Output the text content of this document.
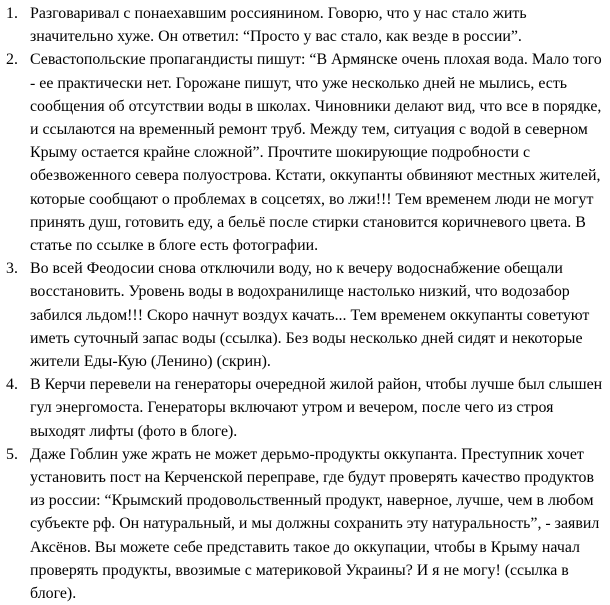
1. Разговаривал с понаехавшим россиянином. Говорю, что у нас стало жить значительно хуже. Он ответил: “Просто у вас стало, как везде в россии”.
2. Севастопольские пропагандисты пишут: “В Армянске очень плохая вода. Мало того - ее практически нет. Горожане пишут, что уже несколько дней не мылись, есть сообщения об отсутствии воды в школах. Чиновники делают вид, что все в порядке, и ссылаются на временный ремонт труб. Между тем, ситуация с водой в северном Крыму остается крайне сложной”. Прочтите шокирующие подробности с обезвоженного севера полуострова. Кстати, оккупанты обвиняют местных жителей, которые сообщают о проблемах в соцсетях, во лжи!!! Тем временем люди не могут принять душ, готовить еду, а бельё после стирки становится коричневого цвета. В статье по ссылке в блоге есть фотографии.
3. Во всей Феодосии снова отключили воду, но к вечеру водоснабжение обещали восстановить. Уровень воды в водохранилище настолько низкий, что водозабор забился льдом!!! Скоро начнут воздух качать... Тем временем оккупанты советуют иметь суточный запас воды (ссылка). Без воды несколько дней сидят и некоторые жители Еды-Кую (Ленино) (скрин).
4. В Керчи перевели на генераторы очередной жилой район, чтобы лучше был слышен гул энергомоста. Генераторы включают утром и вечером, после чего из строя выходят лифты (фото в блоге).
5. Даже Гоблин уже жрать не может дерьмо-продукты оккупанта. Преступник хочет установить пост на Керченской переправе, где будут проверять качество продуктов из россии: “Крымский продовольственный продукт, наверное, лучше, чем в любом субъекте рф. Он натуральный, и мы должны сохранить эту натуральность”, - заявил Аксёнов. Вы можете себе представить такое до оккупации, чтобы в Крыму начал проверять продукты, ввозимые с материковой Украины? И я не могу! (ссылка в блоге).
